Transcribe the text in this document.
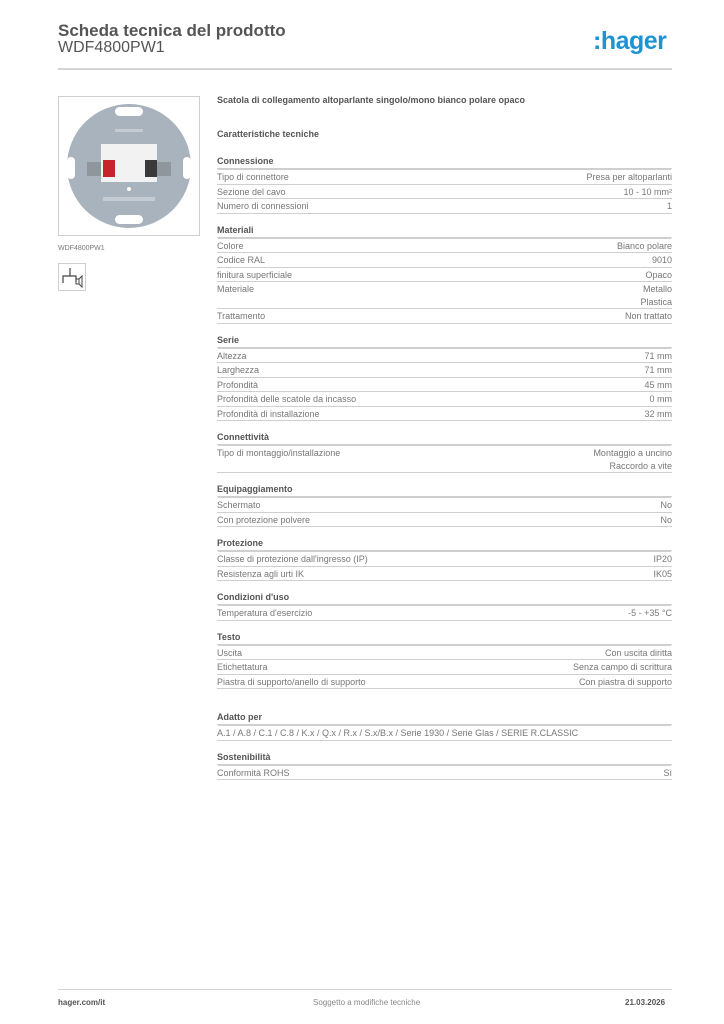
Scheda tecnica del prodotto
WDF4800PW1	:hager
WDF4800PW1
Scatola di collegamento altoparlante singolo/mono bianco polare opaco
Caratteristiche tecniche
Connessione
Tipo di connettore	Presa per altoparlanti
Sezione del cavo	10 - 10 mm²
Numero di connessioni	1
Materiali
Colore	Bianco polare
Codice RAL	9010
finitura superficiale	Opaco
Materiale	Metallo
Plastica
Trattamento	Non trattato
Serie
Altezza	71 mm
Larghezza	71 mm
Profondità	45 mm
Profondità delle scatole da incasso	0 mm
Profondità di installazione	32 mm
Connettività
Tipo di montaggio/installazione	Montaggio a uncino
Raccordo a vite
Equipaggiamento
Schermato	No
Con protezione polvere	No
Protezione
Classe di protezione dall'ingresso (IP)	IP20
Resistenza agli urti IK	IK05
Condizioni d'uso
Temperatura d'esercizio	-5 - +35 °C
Testo
Uscita	Con uscita diritta
Etichettatura	Senza campo di scrittura
Piastra di supporto/anello di supporto	Con piastra di supporto
Adatto per
A.1 / A.8 / C.1 / C.8 / K.x / Q.x / R.x / S.x/B.x / Serie 1930 / Serie Glas / SERIE R.CLASSIC
Sostenibilità
Conformità ROHS	Sì
hager.com/it	Soggetto a modifiche tecniche	21.03.2026
